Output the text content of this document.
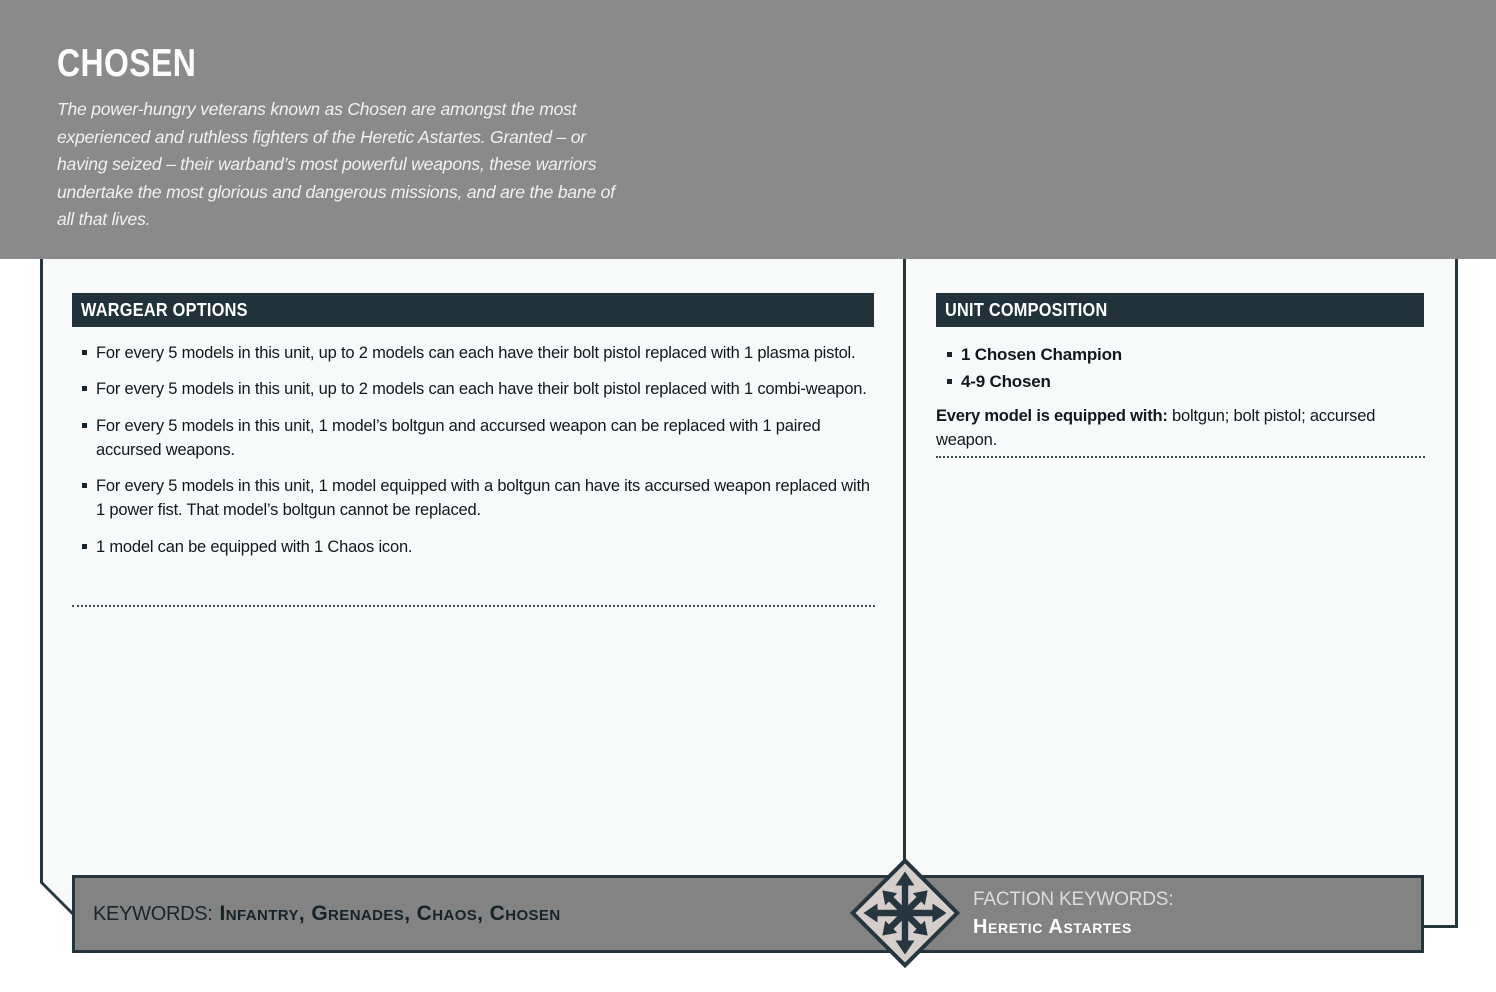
CHOSEN
The power-hungry veterans known as Chosen are amongst the most experienced and ruthless fighters of the Heretic Astartes. Granted – or having seized – their warband’s most powerful weapons, these warriors undertake the most glorious and dangerous missions, and are the bane of all that lives.
WARGEAR OPTIONS
For every 5 models in this unit, up to 2 models can each have their bolt pistol replaced with 1 plasma pistol.
For every 5 models in this unit, up to 2 models can each have their bolt pistol replaced with 1 combi-weapon.
For every 5 models in this unit, 1 model’s boltgun and accursed weapon can be replaced with 1 paired accursed weapons.
For every 5 models in this unit, 1 model equipped with a boltgun can have its accursed weapon replaced with 1 power fist. That model’s boltgun cannot be replaced.
1 model can be equipped with 1 Chaos icon.
UNIT COMPOSITION
1 Chosen Champion
4-9 Chosen
Every model is equipped with: boltgun; bolt pistol; accursed weapon.
KEYWORDS: Infantry, Grenades, Chaos, Chosen
FACTION KEYWORDS:
Heretic Astartes
